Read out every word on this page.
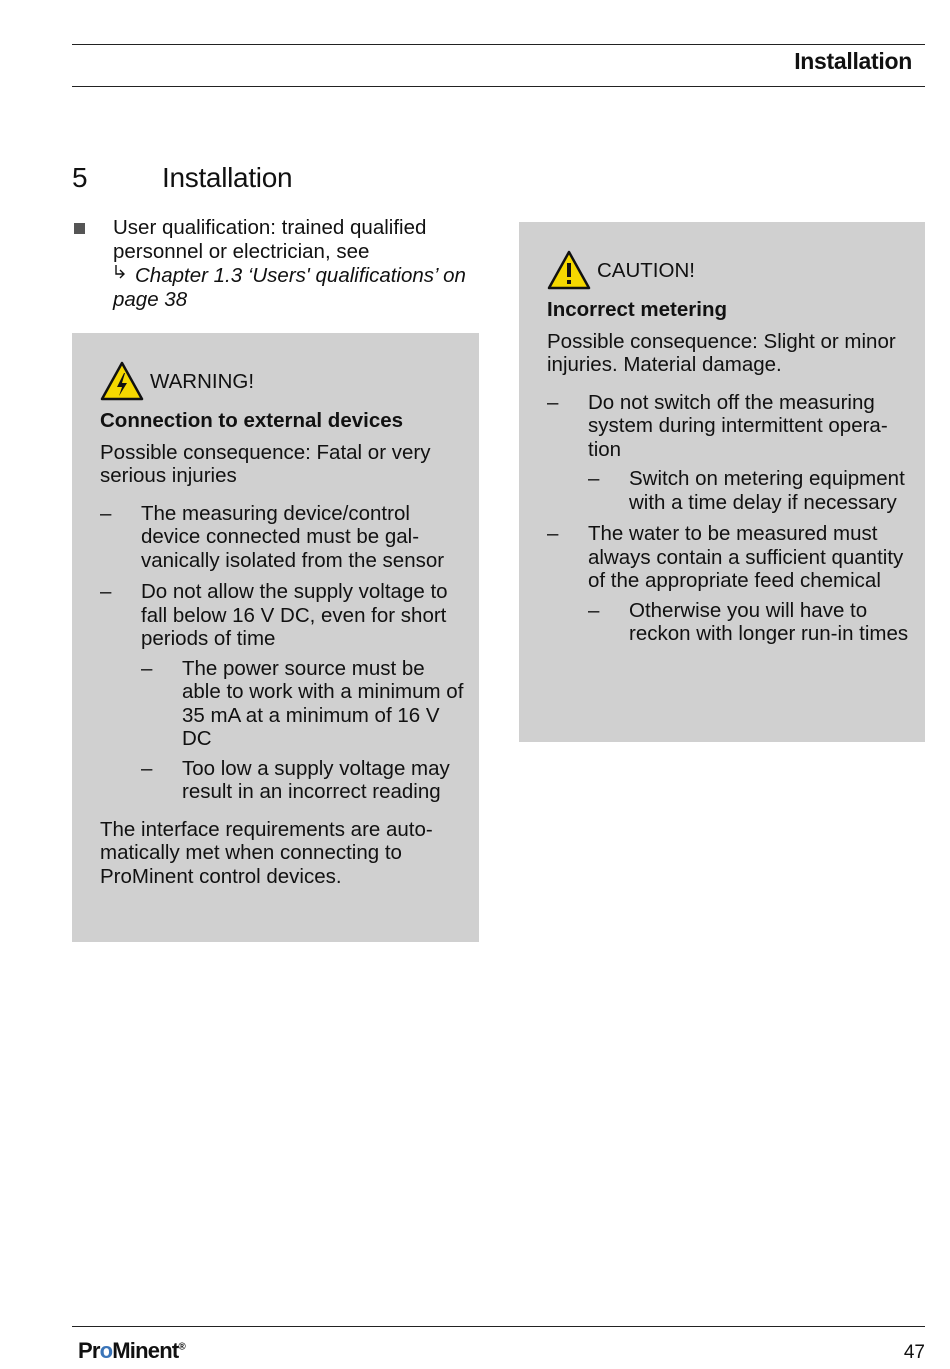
Installation
5	Installation
User qualification: trained qualified personnel or electrician, see
Chapter 1.3 ‘Users' qualifications’ on page 38
WARNING!
Connection to external devices
Possible consequence: Fatal or very serious injuries
– The measuring device/control device connected must be galvanically isolated from the sensor
– Do not allow the supply voltage to fall below 16 V DC, even for short periods of time
– The power source must be able to work with a minimum of 35 mA at a minimum of 16 V DC
– Too low a supply voltage may result in an incorrect reading
The interface requirements are automatically met when connecting to ProMinent control devices.
CAUTION!
Incorrect metering
Possible consequence: Slight or minor injuries. Material damage.
– Do not switch off the measuring system during intermittent operation
– Switch on metering equipment with a time delay if necessary
– The water to be measured must always contain a sufficient quantity of the appropriate feed chemical
– Otherwise you will have to reckon with longer run-in times
ProMinent®	47
